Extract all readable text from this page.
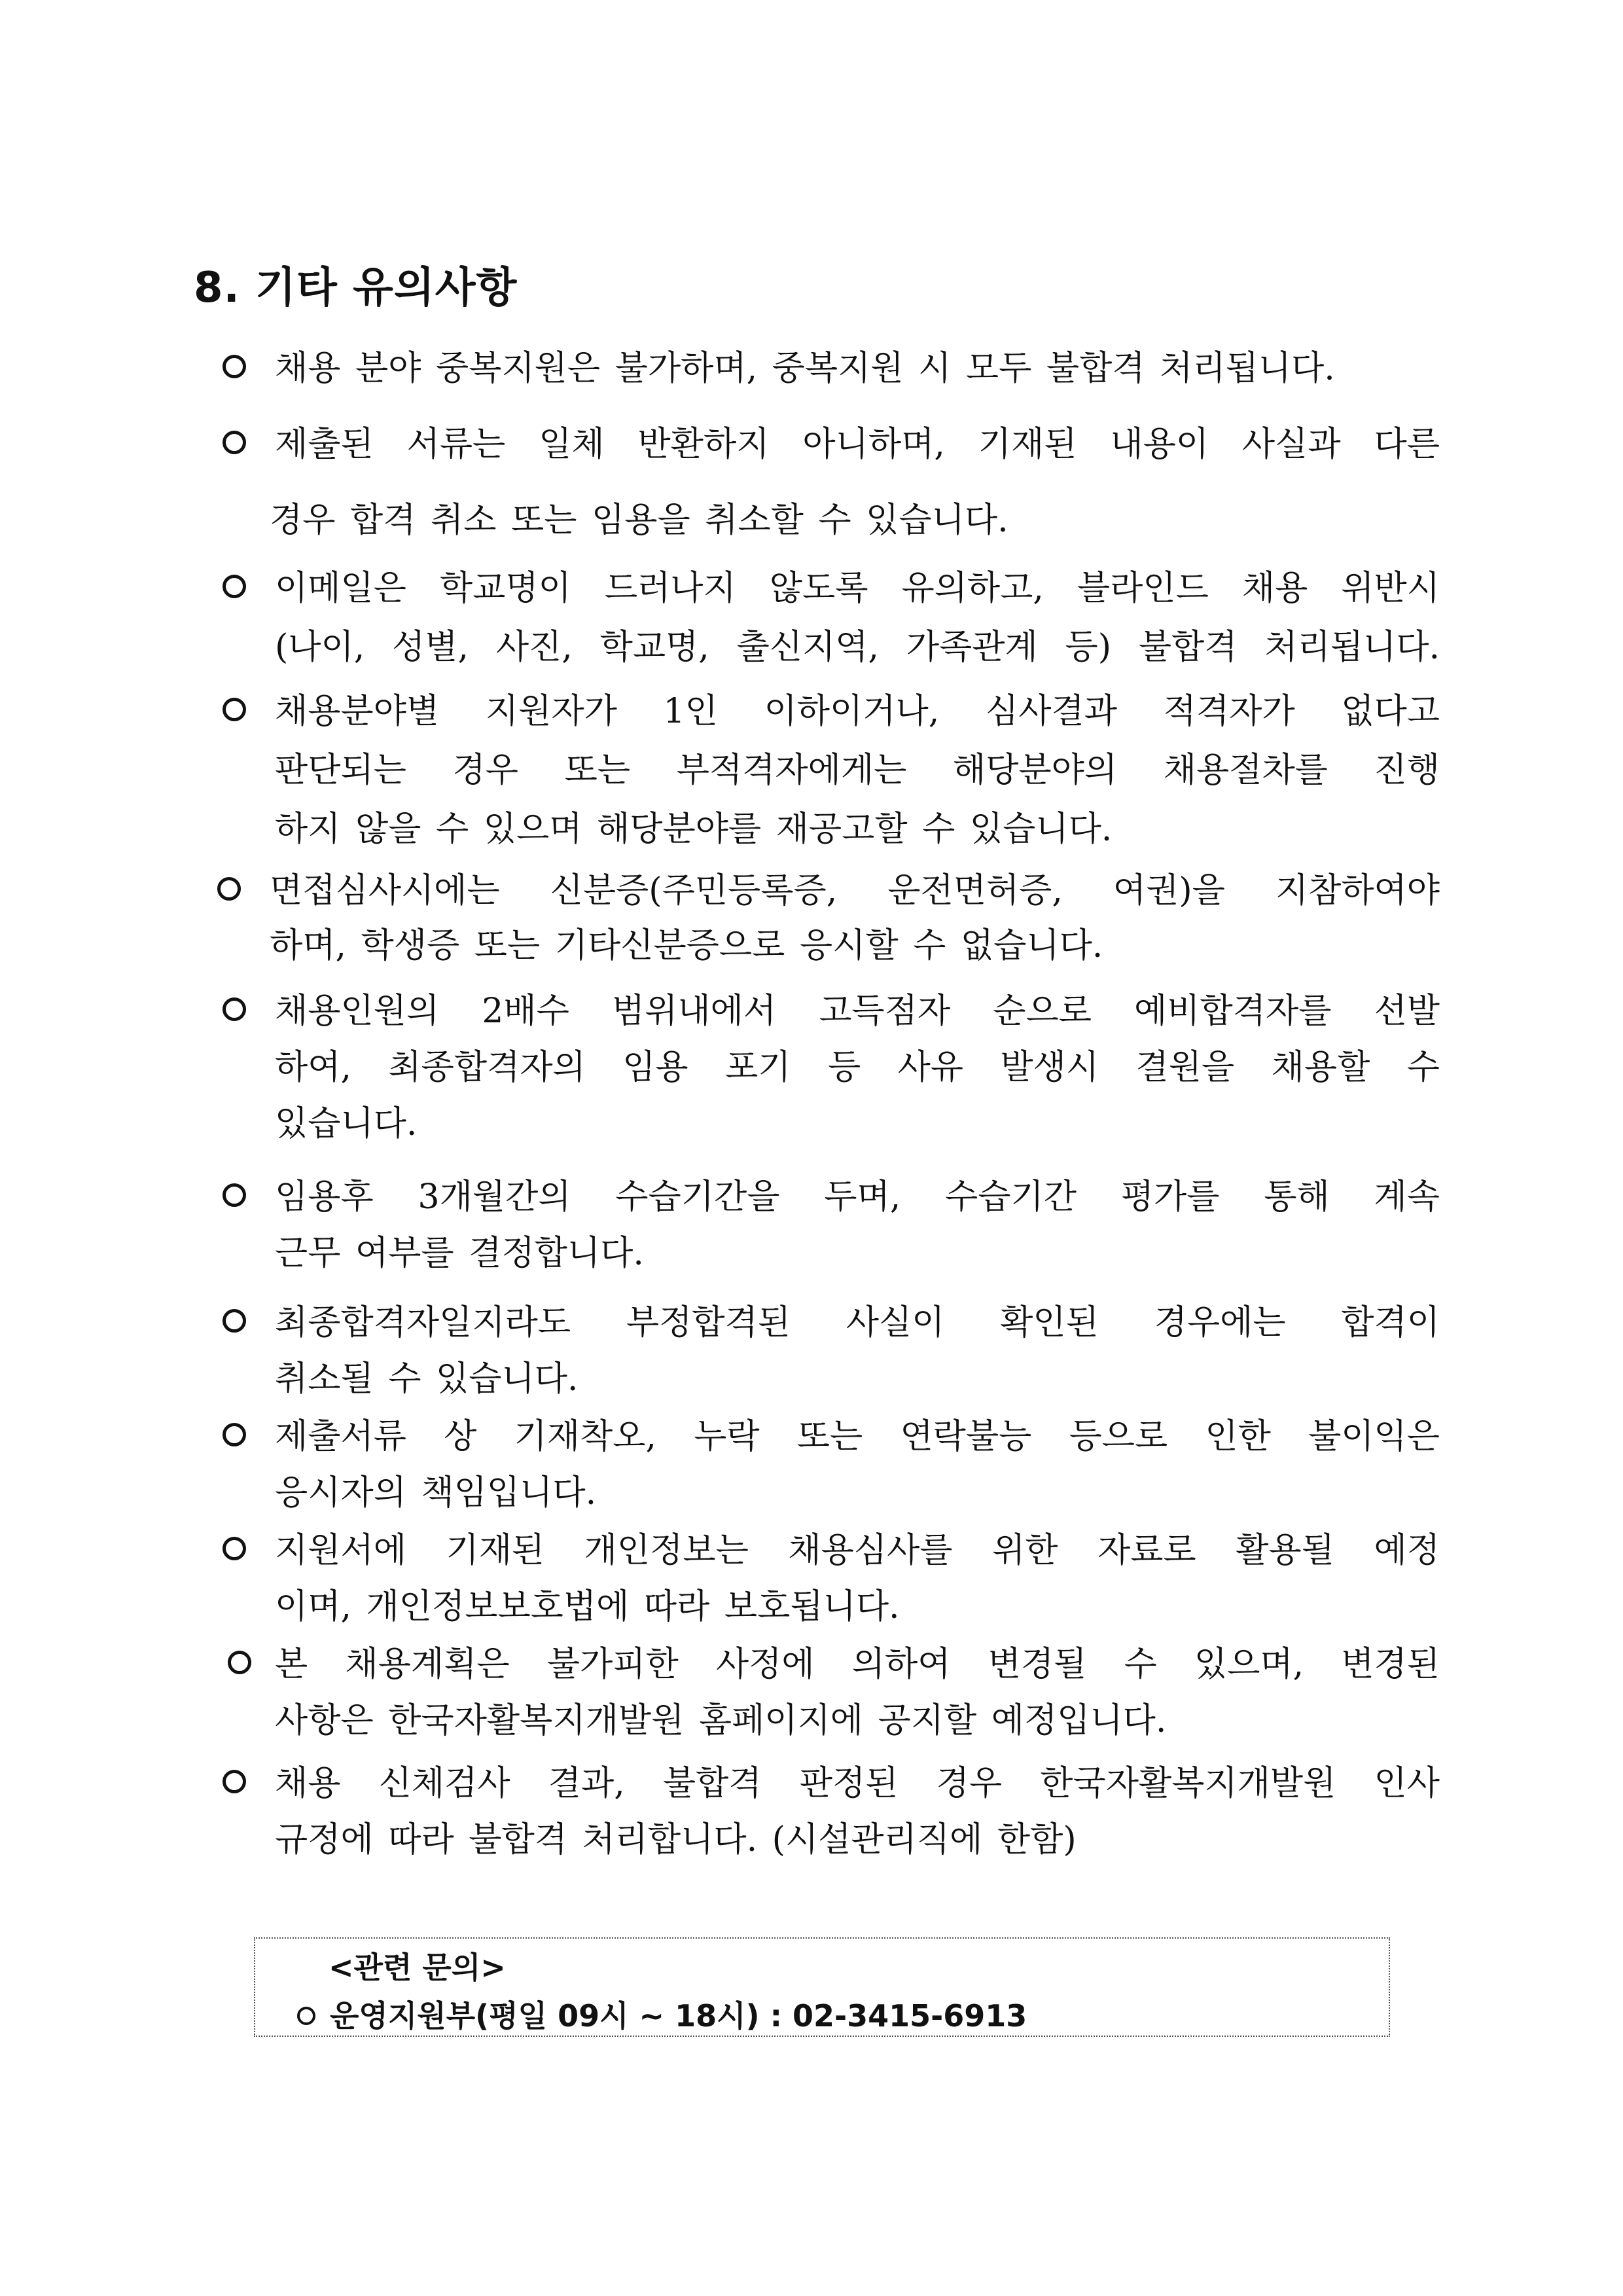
8. 기타 유의사항
채용 분야 중복지원은 불가하며, 중복지원 시 모두 불합격 처리됩니다.
제출된 서류는 일체 반환하지 아니하며, 기재된 내용이 사실과 다른
경우 합격 취소 또는 임용을 취소할 수 있습니다.
이메일은 학교명이 드러나지 않도록 유의하고, 블라인드 채용 위반시
(나이, 성별, 사진, 학교명, 출신지역, 가족관계 등) 불합격 처리됩니다.
채용분야별 지원자가 1인 이하이거나, 심사결과 적격자가 없다고
판단되는 경우 또는 부적격자에게는 해당분야의 채용절차를 진행
하지 않을 수 있으며 해당분야를 재공고할 수 있습니다.
면접심사시에는 신분증(주민등록증, 운전면허증, 여권)을 지참하여야
하며, 학생증 또는 기타신분증으로 응시할 수 없습니다.
채용인원의 2배수 범위내에서 고득점자 순으로 예비합격자를 선발
하여, 최종합격자의 임용 포기 등 사유 발생시 결원을 채용할 수
있습니다.
임용후 3개월간의 수습기간을 두며, 수습기간 평가를 통해 계속
근무 여부를 결정합니다.
최종합격자일지라도 부정합격된 사실이 확인된 경우에는 합격이
취소될 수 있습니다.
제출서류 상 기재착오, 누락 또는 연락불능 등으로 인한 불이익은
응시자의 책임입니다.
지원서에 기재된 개인정보는 채용심사를 위한 자료로 활용될 예정
이며, 개인정보보호법에 따라 보호됩니다.
본 채용계획은 불가피한 사정에 의하여 변경될 수 있으며, 변경된
사항은 한국자활복지개발원 홈페이지에 공지할 예정입니다.
채용 신체검사 결과, 불합격 판정된 경우 한국자활복지개발원 인사
규정에 따라 불합격 처리합니다. (시설관리직에 한함)
<관련 문의>
운영지원부(평일 09시 ~ 18시) : 02-3415-6913
